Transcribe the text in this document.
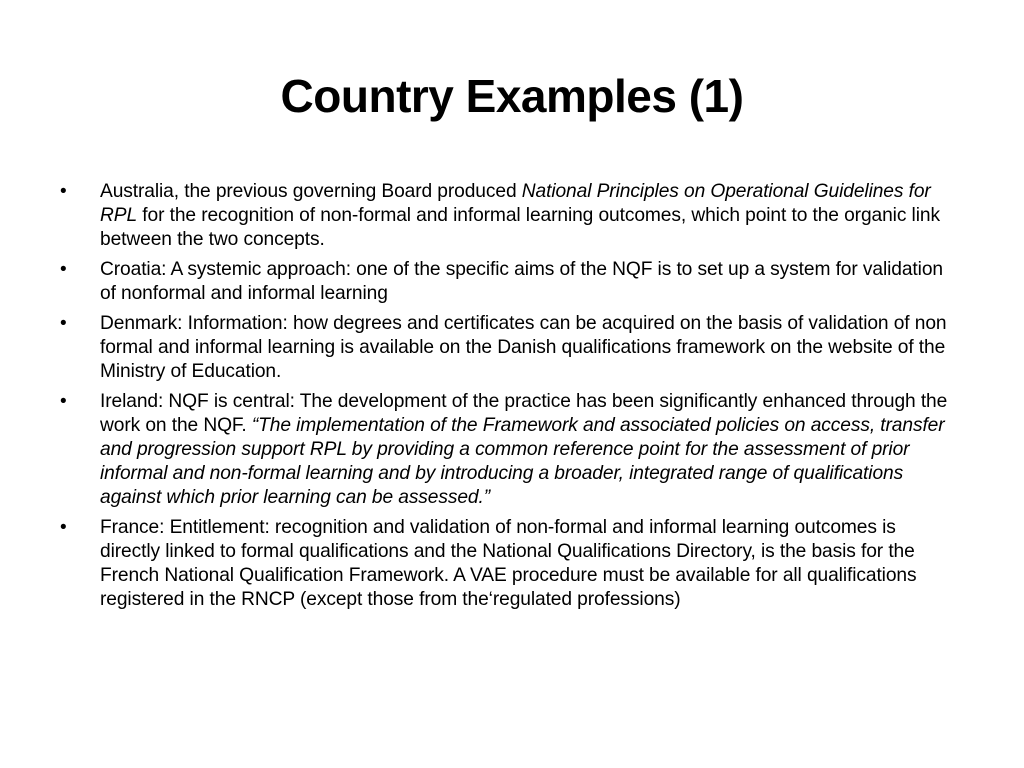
Country Examples (1)
•	Australia, the previous governing Board produced National Principles on Operational Guidelines for RPL for the recognition of non-formal and informal learning outcomes, which point to the organic link between the two concepts.
•	Croatia: A systemic approach: one of the specific aims of the NQF is to set up a system for validation of nonformal and informal learning
•	Denmark: Information: how degrees and certificates can be acquired on the basis of validation of non formal and informal learning is available on the Danish qualifications framework on the website of the Ministry of Education.
•	Ireland: NQF is central: The development of the practice has been significantly enhanced through the work on the NQF. “The implementation of the Framework and associated policies on access, transfer and progression support RPL by providing a common reference point for the assessment of prior informal and non-formal learning and by introducing a broader, integrated range of qualifications against which prior learning can be assessed.”
•	France: Entitlement: recognition and validation of non-formal and informal learning outcomes is directly linked to formal qualifications and the National Qualifications Directory, is the basis for the French National Qualification Framework. A VAE procedure must be available for all qualifications registered in the RNCP (except those from the‘regulated professions)
